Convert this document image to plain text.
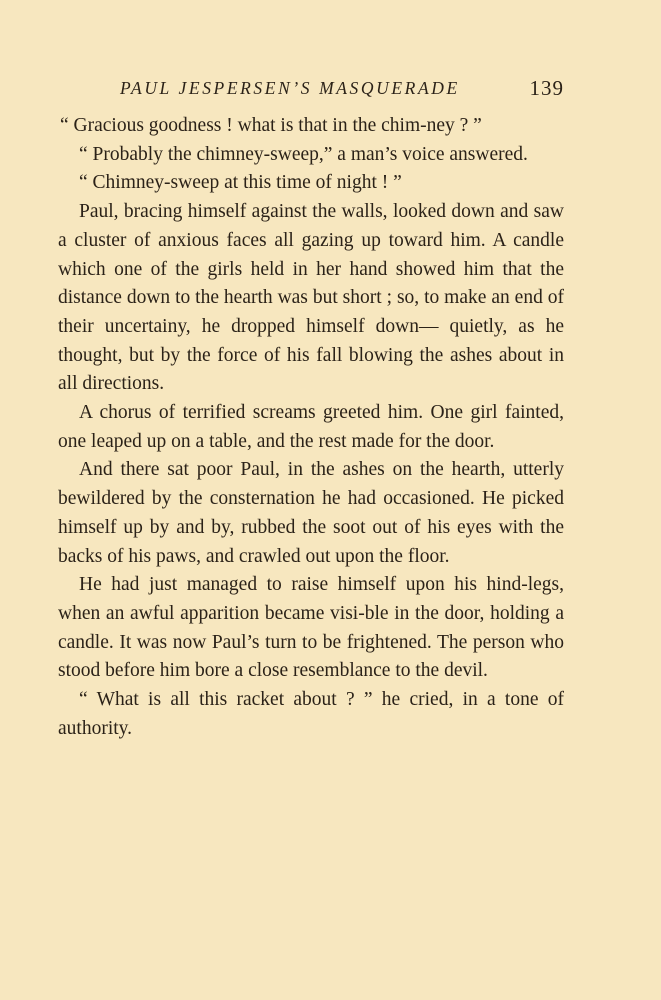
PAUL JESPERSEN’S MASQUERADE	139

“ Gracious goodness ! what is that in the chim-ney ? ”

“ Probably the chimney-sweep,” a man’s voice answered.

“ Chimney-sweep at this time of night ! ”

Paul, bracing himself against the walls, looked down and saw a cluster of anxious faces all gazing up toward him. A candle which one of the girls held in her hand showed him that the distance down to the hearth was but short ; so, to make an end of their uncertainy, he dropped himself down— quietly, as he thought, but by the force of his fall blowing the ashes about in all directions.

A chorus of terrified screams greeted him. One girl fainted, one leaped up on a table, and the rest made for the door.

And there sat poor Paul, in the ashes on the hearth, utterly bewildered by the consternation he had occasioned. He picked himself up by and by, rubbed the soot out of his eyes with the backs of his paws, and crawled out upon the floor.

He had just managed to raise himself upon his hind-legs, when an awful apparition became visi-ble in the door, holding a candle. It was now Paul’s turn to be frightened. The person who stood before him bore a close resemblance to the devil.

“ What is all this racket about ? ” he cried, in a tone of authority.
